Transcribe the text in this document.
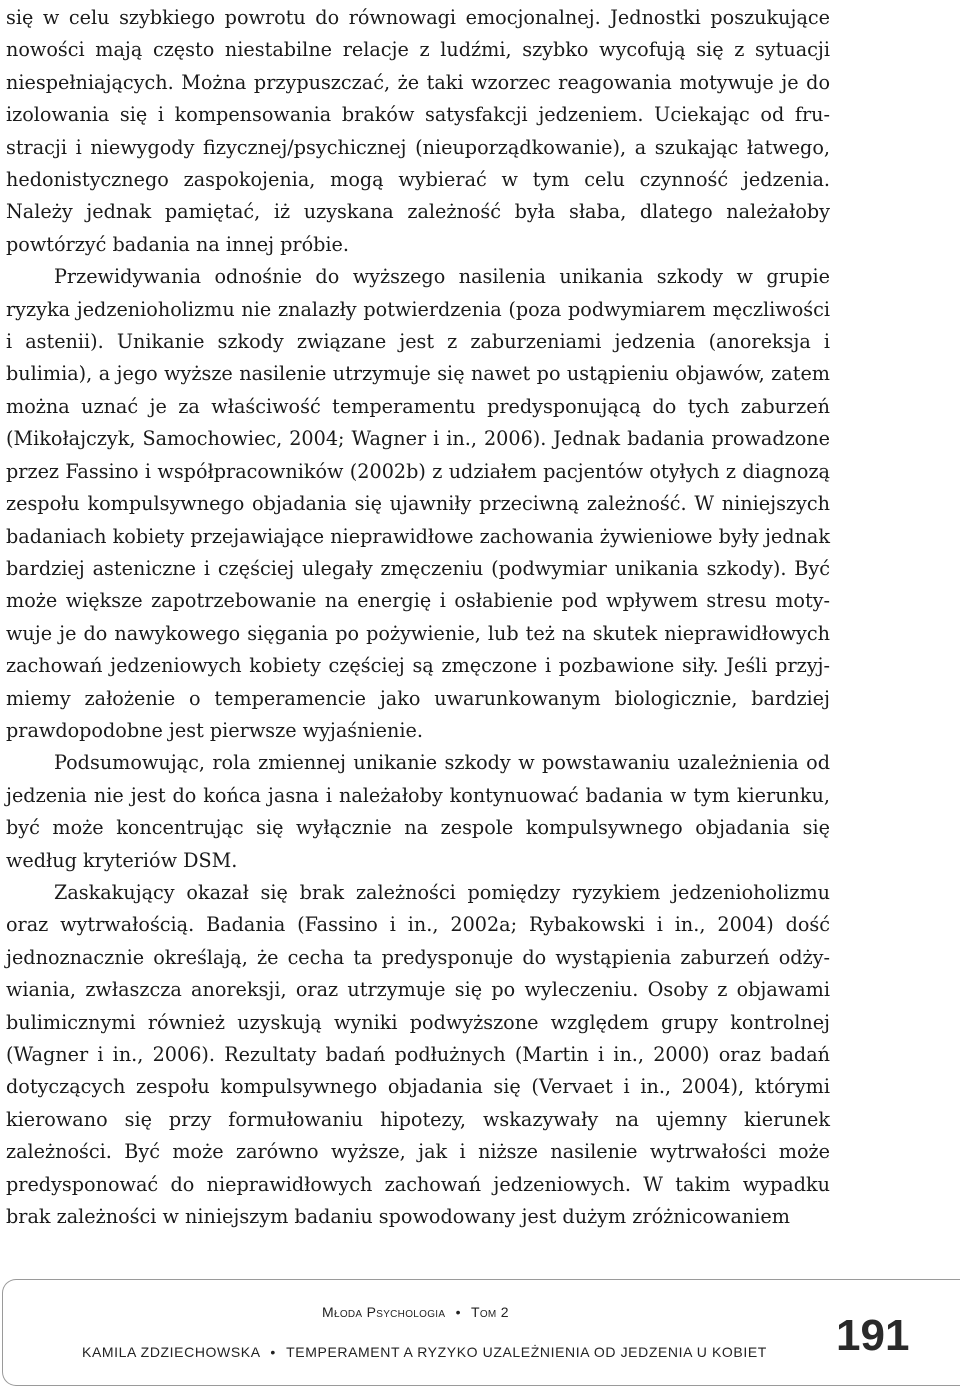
się w celu szybkiego powrotu do równowagi emocjonalnej. Jednostki poszukujące nowości mają często niestabilne relacje z ludźmi, szybko wycofują się z sytuacji niespełniających. Można przypuszczać, że taki wzorzec reagowania motywuje je do izolowania się i kompensowania braków satysfakcji jedzeniem. Uciekając od frustracji i niewygody fizycznej/psychicznej (nieuporządkowanie), a szukając łatwego, hedonistycznego zaspokojenia, mogą wybierać w tym celu czynność jedzenia. Należy jednak pamiętać, iż uzyskana zależność była słaba, dlatego należałoby powtórzyć badania na innej próbie.

Przewidywania odnośnie do wyższego nasilenia unikania szkody w grupie ryzyka jedzenioholizmu nie znalazły potwierdzenia (poza podwymiarem męczliwości i astenii). Unikanie szkody związane jest z zaburzeniami jedzenia (anoreksja i bulimia), a jego wyższe nasilenie utrzymuje się nawet po ustąpieniu objawów, zatem można uznać je za właściwość temperamentu predysponującą do tych zaburzeń (Mikołajczyk, Samochowiec, 2004; Wagner i in., 2006). Jednak badania prowadzone przez Fassino i współpracowników (2002b) z udziałem pacjentów otyłych z diagnozą zespołu kompulsywnego objadania się ujawniły przeciwną zależność. W niniejszych badaniach kobiety przejawiające nieprawidłowe zachowania żywieniowe były jednak bardziej asteniczne i częściej ulegały zmęczeniu (podwymiar unikania szkody). Być może większe zapotrzebowanie na energię i osłabienie pod wpływem stresu motywuje je do nawykowego sięgania po pożywienie, lub też na skutek nieprawidłowych zachowań jedzeniowych kobiety częściej są zmęczone i pozbawione siły. Jeśli przyjmiemy założenie o temperamencie jako uwarunkowanym biologicznie, bardziej prawdopodobne jest pierwsze wyjaśnienie.

Podsumowując, rola zmiennej unikanie szkody w powstawaniu uzależnienia od jedzenia nie jest do końca jasna i należałoby kontynuować badania w tym kierunku, być może koncentrując się wyłącznie na zespole kompulsywnego objadania się według kryteriów DSM.

Zaskakujący okazał się brak zależności pomiędzy ryzykiem jedzenioholizmu oraz wytrwałością. Badania (Fassino i in., 2002a; Rybakowski i in., 2004) dość jednoznacznie określają, że cecha ta predysponuje do wystąpienia zaburzeń odżywiania, zwłaszcza anoreksji, oraz utrzymuje się po wyleczeniu. Osoby z objawami bulimicznymi również uzyskują wyniki podwyższone względem grupy kontrolnej (Wagner i in., 2006). Rezultaty badań podłużnych (Martin i in., 2000) oraz badań dotyczących zespołu kompulsywnego objadania się (Vervaet i in., 2004), którymi kierowano się przy formułowaniu hipotezy, wskazywały na ujemny kierunek zależności. Być może zarówno wyższe, jak i niższe nasilenie wytrwałości może predysponować do nieprawidłowych zachowań jedzeniowych. W takim wypadku brak zależności w niniejszym badaniu spowodowany jest dużym zróżnicowaniem

Młoda Psychologia • Tom 2
KAMILA ZDZIECHOWSKA • TEMPERAMENT A RYZYKO UZALEŻNIENIA OD JEDZENIA U KOBIET 191
